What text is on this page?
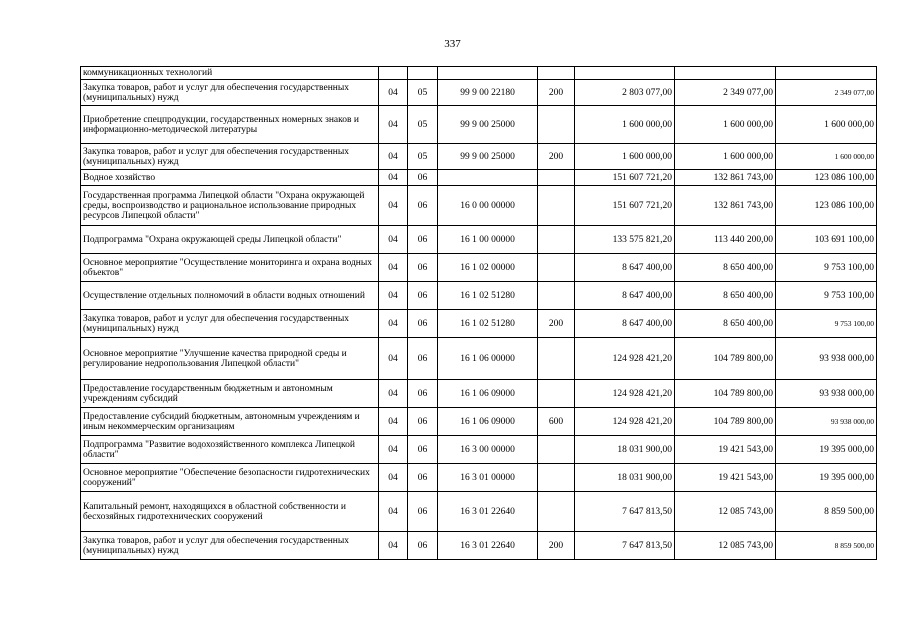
337
коммуникационных технологий							
Закупка товаров, работ и услуг для обеспечения государственных (муниципальных) нужд	04	05	99 9 00 22180	200	2 803 077,00	2 349 077,00	2 349 077,00
Приобретение спецпродукции, государственных номерных знаков и информационно-методической литературы	04	05	99 9 00 25000		1 600 000,00	1 600 000,00	1 600 000,00
Закупка товаров, работ и услуг для обеспечения государственных (муниципальных) нужд	04	05	99 9 00 25000	200	1 600 000,00	1 600 000,00	1 600 000,00
Водное хозяйство	04	06			151 607 721,20	132 861 743,00	123 086 100,00
Государственная программа Липецкой области "Охрана окружающей среды, воспроизводство и рациональное использование природных ресурсов Липецкой области"	04	06	16 0 00 00000		151 607 721,20	132 861 743,00	123 086 100,00
Подпрограмма "Охрана окружающей среды Липецкой области"	04	06	16 1 00 00000		133 575 821,20	113 440 200,00	103 691 100,00
Основное мероприятие "Осуществление мониторинга и охрана водных объектов"	04	06	16 1 02 00000		8 647 400,00	8 650 400,00	9 753 100,00
Осуществление отдельных полномочий в области водных отношений	04	06	16 1 02 51280		8 647 400,00	8 650 400,00	9 753 100,00
Закупка товаров, работ и услуг для обеспечения государственных (муниципальных) нужд	04	06	16 1 02 51280	200	8 647 400,00	8 650 400,00	9 753 100,00
Основное мероприятие "Улучшение качества природной среды и регулирование недропользования Липецкой области"	04	06	16 1 06 00000		124 928 421,20	104 789 800,00	93 938 000,00
Предоставление государственным бюджетным и автономным учреждениям субсидий	04	06	16 1 06 09000		124 928 421,20	104 789 800,00	93 938 000,00
Предоставление субсидий бюджетным, автономным учреждениям и иным некоммерческим организациям	04	06	16 1 06 09000	600	124 928 421,20	104 789 800,00	93 938 000,00
Подпрограмма "Развитие водохозяйственного комплекса Липецкой области"	04	06	16 3 00 00000		18 031 900,00	19 421 543,00	19 395 000,00
Основное мероприятие "Обеспечение безопасности гидротехнических сооружений"	04	06	16 3 01 00000		18 031 900,00	19 421 543,00	19 395 000,00
Капитальный ремонт, находящихся в областной собственности и бесхозяйных гидротехнических сооружений	04	06	16 3 01 22640		7 647 813,50	12 085 743,00	8 859 500,00
Закупка товаров, работ и услуг для обеспечения государственных (муниципальных) нужд	04	06	16 3 01 22640	200	7 647 813,50	12 085 743,00	8 859 500,00
